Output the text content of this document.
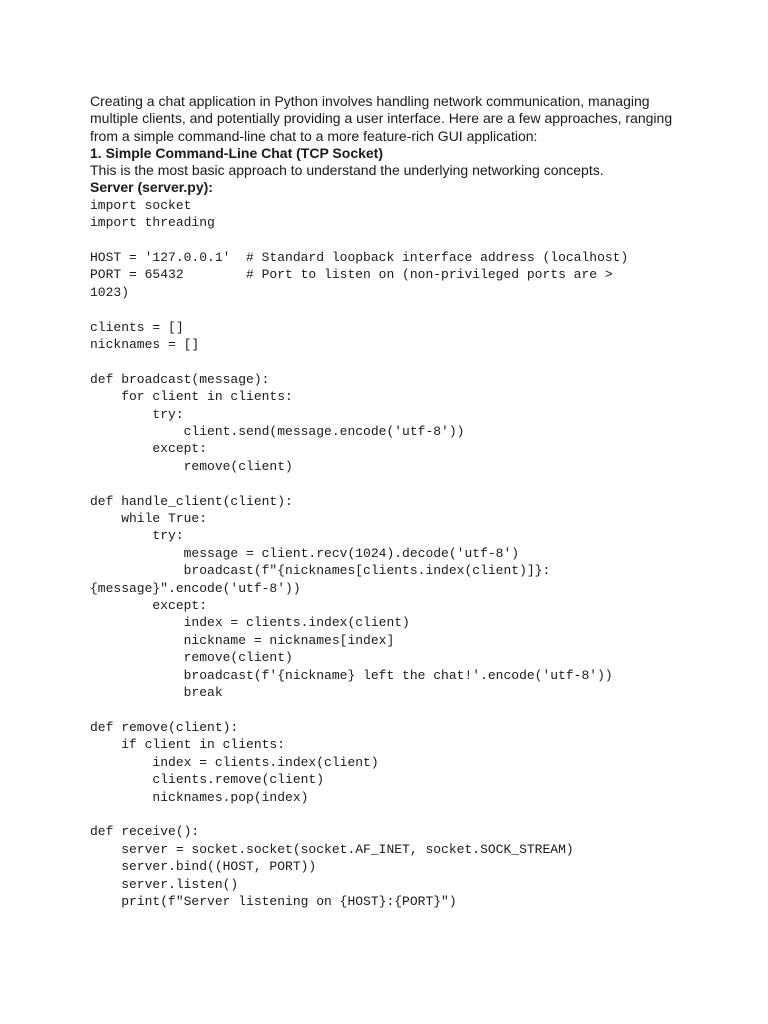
Creating a chat application in Python involves handling network communication, managing multiple clients, and potentially providing a user interface. Here are a few approaches, ranging from a simple command-line chat to a more feature-rich GUI application:

1. Simple Command-Line Chat (TCP Socket)

This is the most basic approach to understand the underlying networking concepts.

Server (server.py):

import socket
import threading
HOST = '127.0.0.1'  # Standard loopback interface address (localhost)
PORT = 65432        # Port to listen on (non-privileged ports are >
1023)
clients = []
nicknames = []
def broadcast(message):
for client in clients:
try:
client.send(message.encode('utf-8'))
except:
remove(client)
def handle_client(client):
while True:
try:
message = client.recv(1024).decode('utf-8')
broadcast(f"{nicknames[clients.index(client)]}:
{message}".encode('utf-8'))
except:
index = clients.index(client)
nickname = nicknames[index]
remove(client)
broadcast(f'{nickname} left the chat!'.encode('utf-8'))
break
def remove(client):
if client in clients:
index = clients.index(client)
clients.remove(client)
nicknames.pop(index)
def receive():
server = socket.socket(socket.AF_INET, socket.SOCK_STREAM)
server.bind((HOST, PORT))
server.listen()
print(f"Server listening on {HOST}:{PORT}")
